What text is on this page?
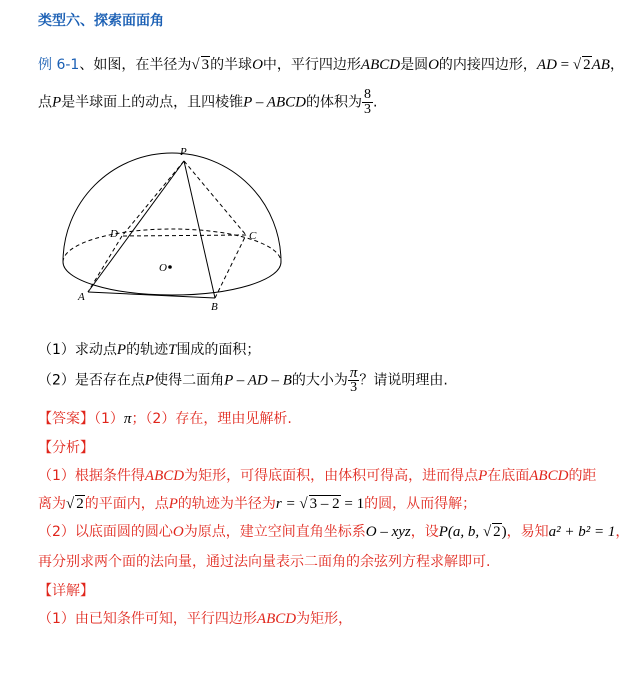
类型六、探索面面角
例 6-1、如图，在半径为√ 3的半球O中，平行四边形ABCD是圆O的内接四边形，AD = √ 2AB，
点P是半球面上的动点，且四棱锥P – ABCD的体积为 $\frac{8}{3}$ .
P
A
B
C
D
O
（1）求动点P的轨迹T围成的面积；
（2）是否存在点P使得二面角P – AD – B的大小为 $\frac{\pi}{3}$ ？请说明理由.
【答案】（1）π；（2）存在，理由见解析.
【分析】
（1）根据条件得ABCD为矩形，可得底面积，由体积可得高，进而得点P在底面ABCD的距
离为√ 2的平面内，点P的轨迹为半径为r = √ 3 – 2 = 1的圆，从而得解；
（2）以底面圆的圆心O为原点，建立空间直角坐标系O – xyz，设P(a, b, √ 2)，易知a² + b² = 1，
再分别求两个面的法向量，通过法向量表示二面角的余弦列方程求解即可.
【详解】
（1）由已知条件可知，平行四边形ABCD为矩形，
